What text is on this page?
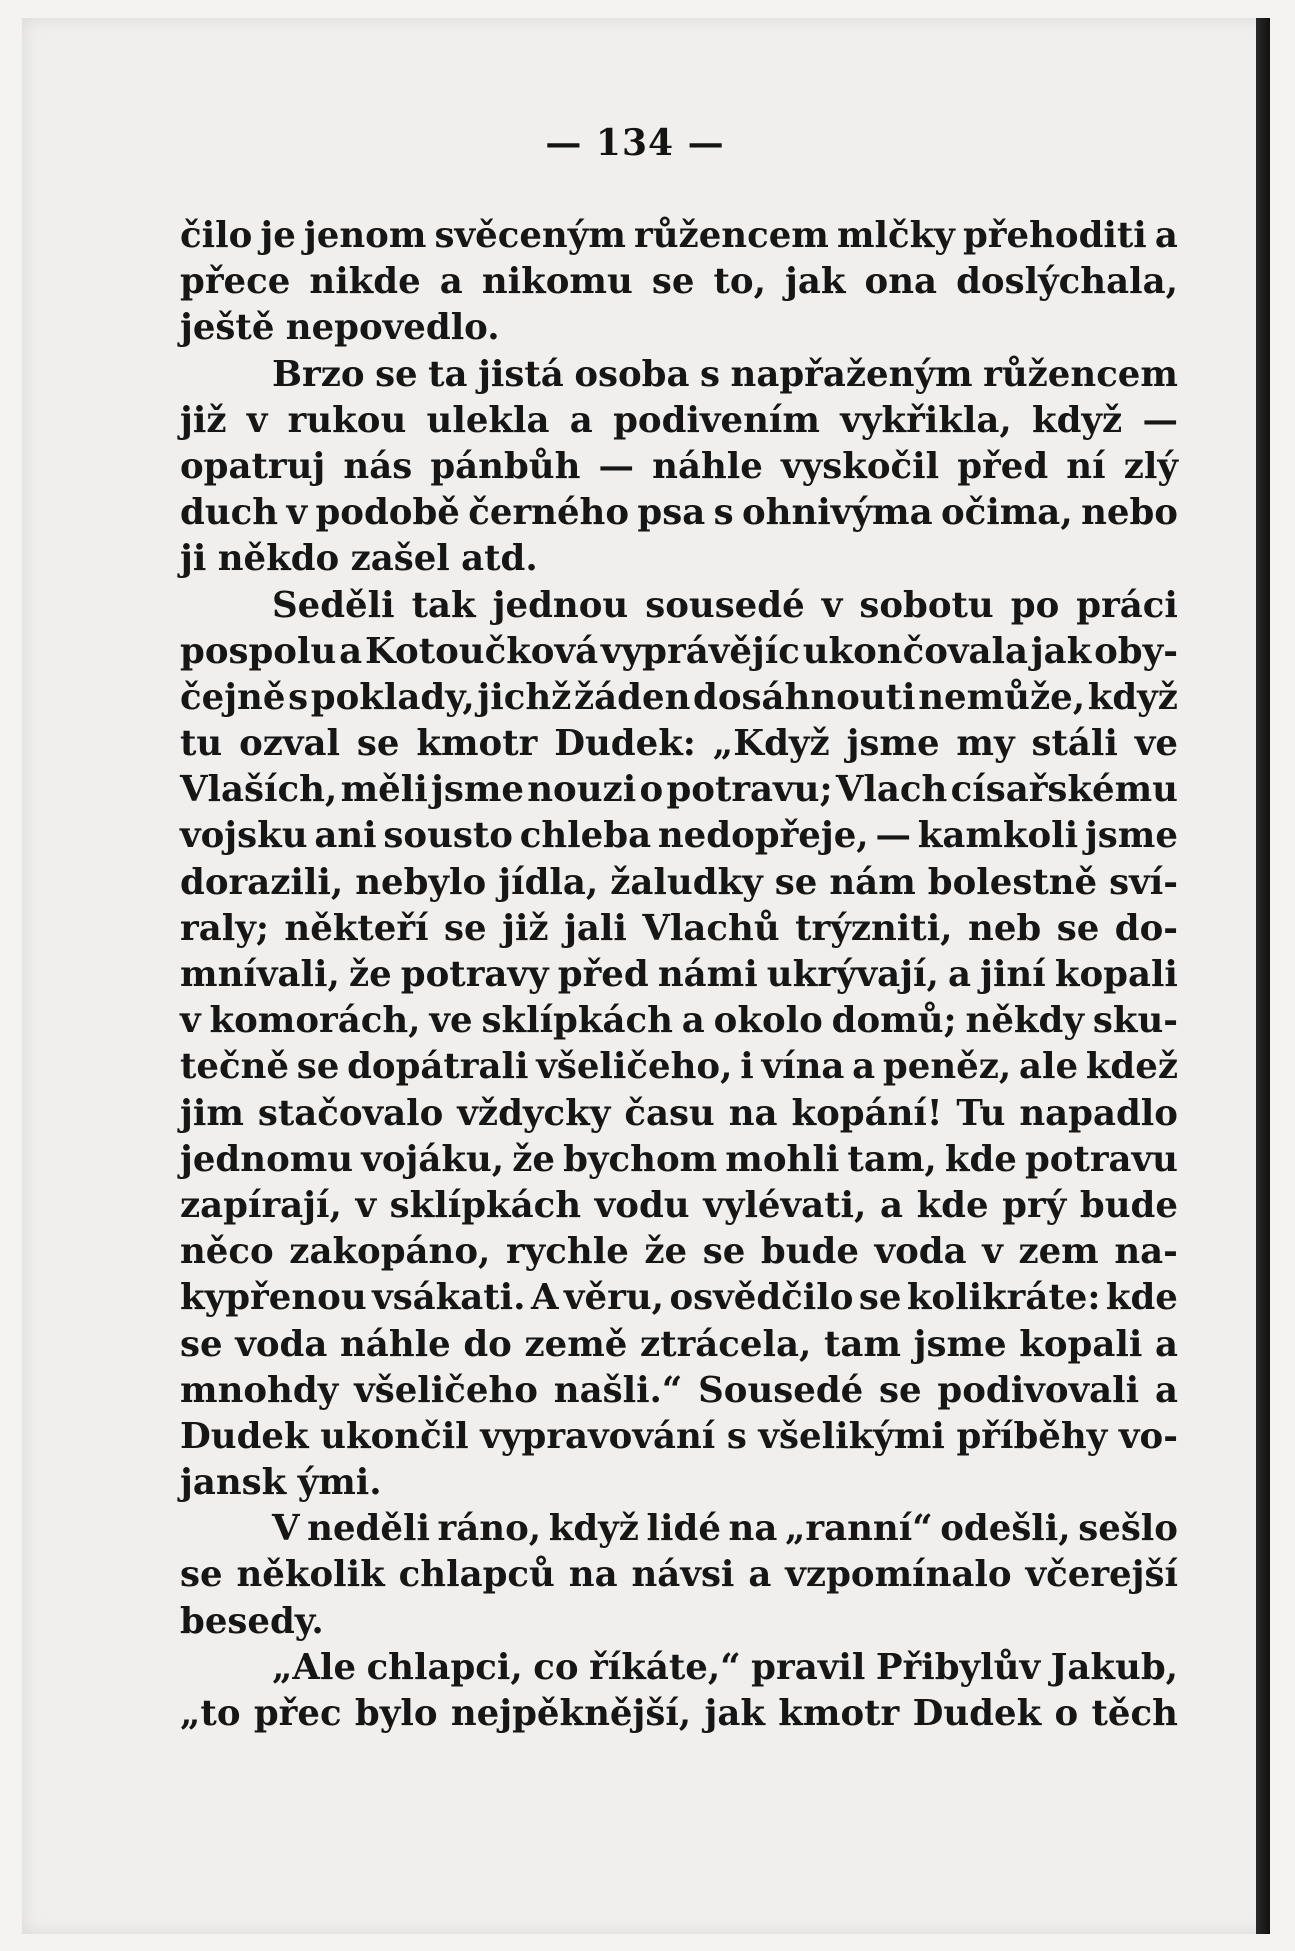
— 134 —
čilo je jenom svěceným růžencem mlčky přehoditi a
přece nikde a nikomu se to, jak ona doslýchala,
ještě nepovedlo.
Brzo se ta jistá osoba s napřaženým růžencem
již v rukou ulekla a podivením vykřikla, když —
opatruj nás pánbůh — náhle vyskočil před ní zlý
duch v podobě černého psa s ohnivýma očima, nebo
ji někdo zašel atd.
Seděli tak jednou sousedé v sobotu po práci
pospolu a Kotoučková vyprávějíc ukončovala jak oby-
čejně s poklady, jichž žáden dosáhnouti nemůže, když
tu ozval se kmotr Dudek: „Když jsme my stáli ve
Vlaších, měli jsme nouzi o potravu; Vlach císařskému
vojsku ani sousto chleba nedopřeje, — kamkoli jsme
dorazili, nebylo jídla, žaludky se nám bolestně sví-
raly; někteří se již jali Vlachů trýzniti, neb se do-
mnívali, že potravy před námi ukrývají, a jiní kopali
v komorách, ve sklípkách a okolo domů; někdy sku-
tečně se dopátrali všeličeho, i vína a peněz, ale kdež
jim stačovalo vždycky času na kopání! Tu napadlo
jednomu vojáku, že bychom mohli tam, kde potravu
zapírají, v sklípkách vodu vylévati, a kde prý bude
něco zakopáno, rychle že se bude voda v zem na-
kypřenou vsákati. A věru, osvědčilo se kolikráte: kde
se voda náhle do země ztrácela, tam jsme kopali a
mnohdy všeličeho našli.“ Sousedé se podivovali a
Dudek ukončil vypravování s všelikými příběhy vo-
jansk ými.
V neděli ráno, když lidé na „ranní“ odešli, sešlo
se několik chlapců na návsi a vzpomínalo včerejší
besedy.
„Ale chlapci, co říkáte,“ pravil Přibylův Jakub,
„to přec bylo nejpěknější, jak kmotr Dudek o těch
